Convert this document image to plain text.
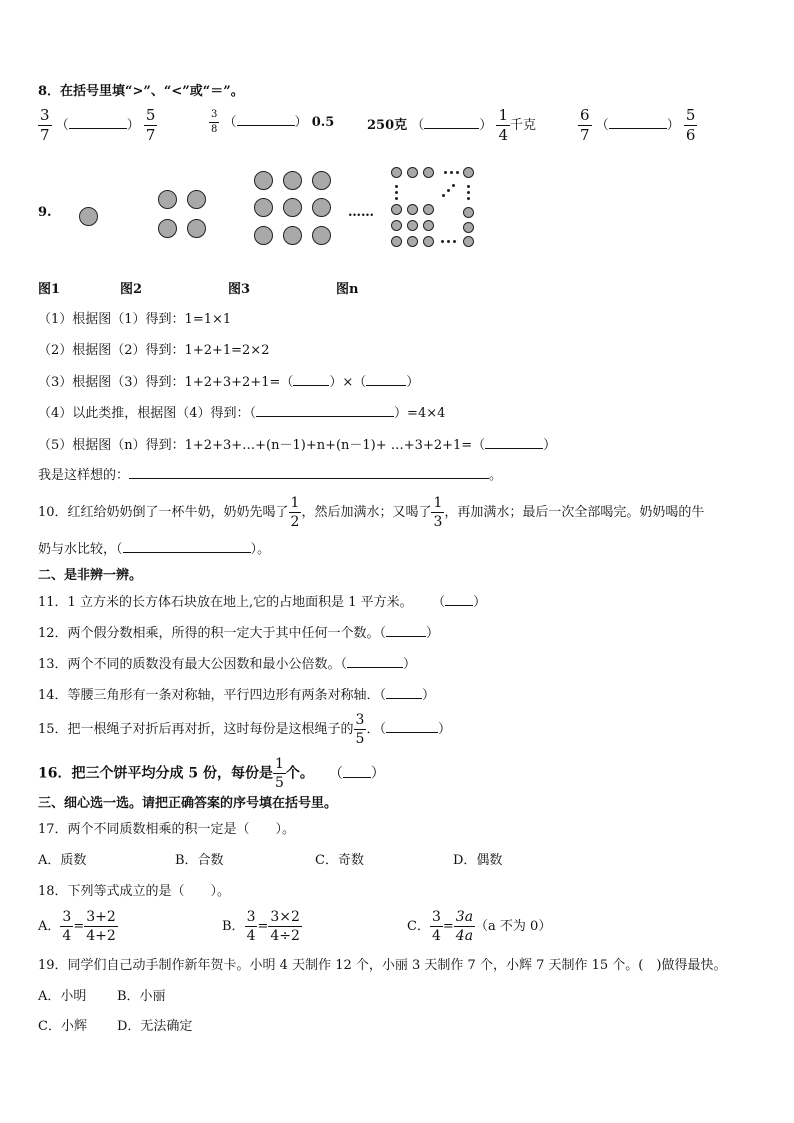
8．在括号里填“>”、“<”或“＝”。
$\frac{3}{7}$ （	） $\frac{5}{7}$	$\frac{3}{8}$ （	） 0.5	250克 （	） $\frac{1}{4}$ 千克	$\frac{6}{7}$ （	） $\frac{5}{6}$
9.	……
图1	图2	图3	图n
（1）根据图（1）得到：1=1×1
（2）根据图（2）得到：1+2+1=2×2
（3）根据图（3）得到：1+2+3+2+1=（	）×（	）
（4）以此类推，根据图（4）得到：（	）=4×4
（5）根据图（n）得到：1+2+3+…+(n－1)+n+(n－1)+ …+3+2+1=（	）
我是这样想的：	。
10．红红给奶奶倒了一杯牛奶，奶奶先喝了 $\frac{1}{2}$ ，然后加满水；又喝了 $\frac{1}{3}$ ，再加满水；最后一次全部喝完。奶奶喝的牛
奶与水比较，（	）。
二、是非辨一辨。
11．1 立方米的长方体石块放在地上,它的占地面积是 1 平方米。 （ ）
12．两个假分数相乘，所得的积一定大于其中任何一个数。（	）
13．两个不同的质数没有最大公因数和最小公倍数。（	）
14．等腰三角形有一条对称轴，平行四边形有两条对称轴．（	）
15．把一根绳子对折后再对折，这时每份是这根绳子的 $\frac{3}{5}$ ．（	）
16．把三个饼平均分成 5 份，每份是 $\frac{1}{5}$ 个。 （ ）
三、细心选一选。请把正确答案的序号填在括号里。
17．两个不同质数相乘的积一定是（　　）。
A．质数	B．合数	C．奇数	D．偶数
18．下列等式成立的是（　　）。
A． $\frac{3}{4} = \frac{3+2}{4+2}$	B． $\frac{3}{4} = \frac{3\times 2}{4\div 2}$	C． $\frac{3}{4} = \frac{3a}{4a} (a$ 不为 0）
19．同学们自己动手制作新年贺卡。小明 4 天制作 12 个，小丽 3 天制作 7 个，小辉 7 天制作 15 个。(　)做得最快。
A．小明 B．小丽
C．小辉 D．无法确定
